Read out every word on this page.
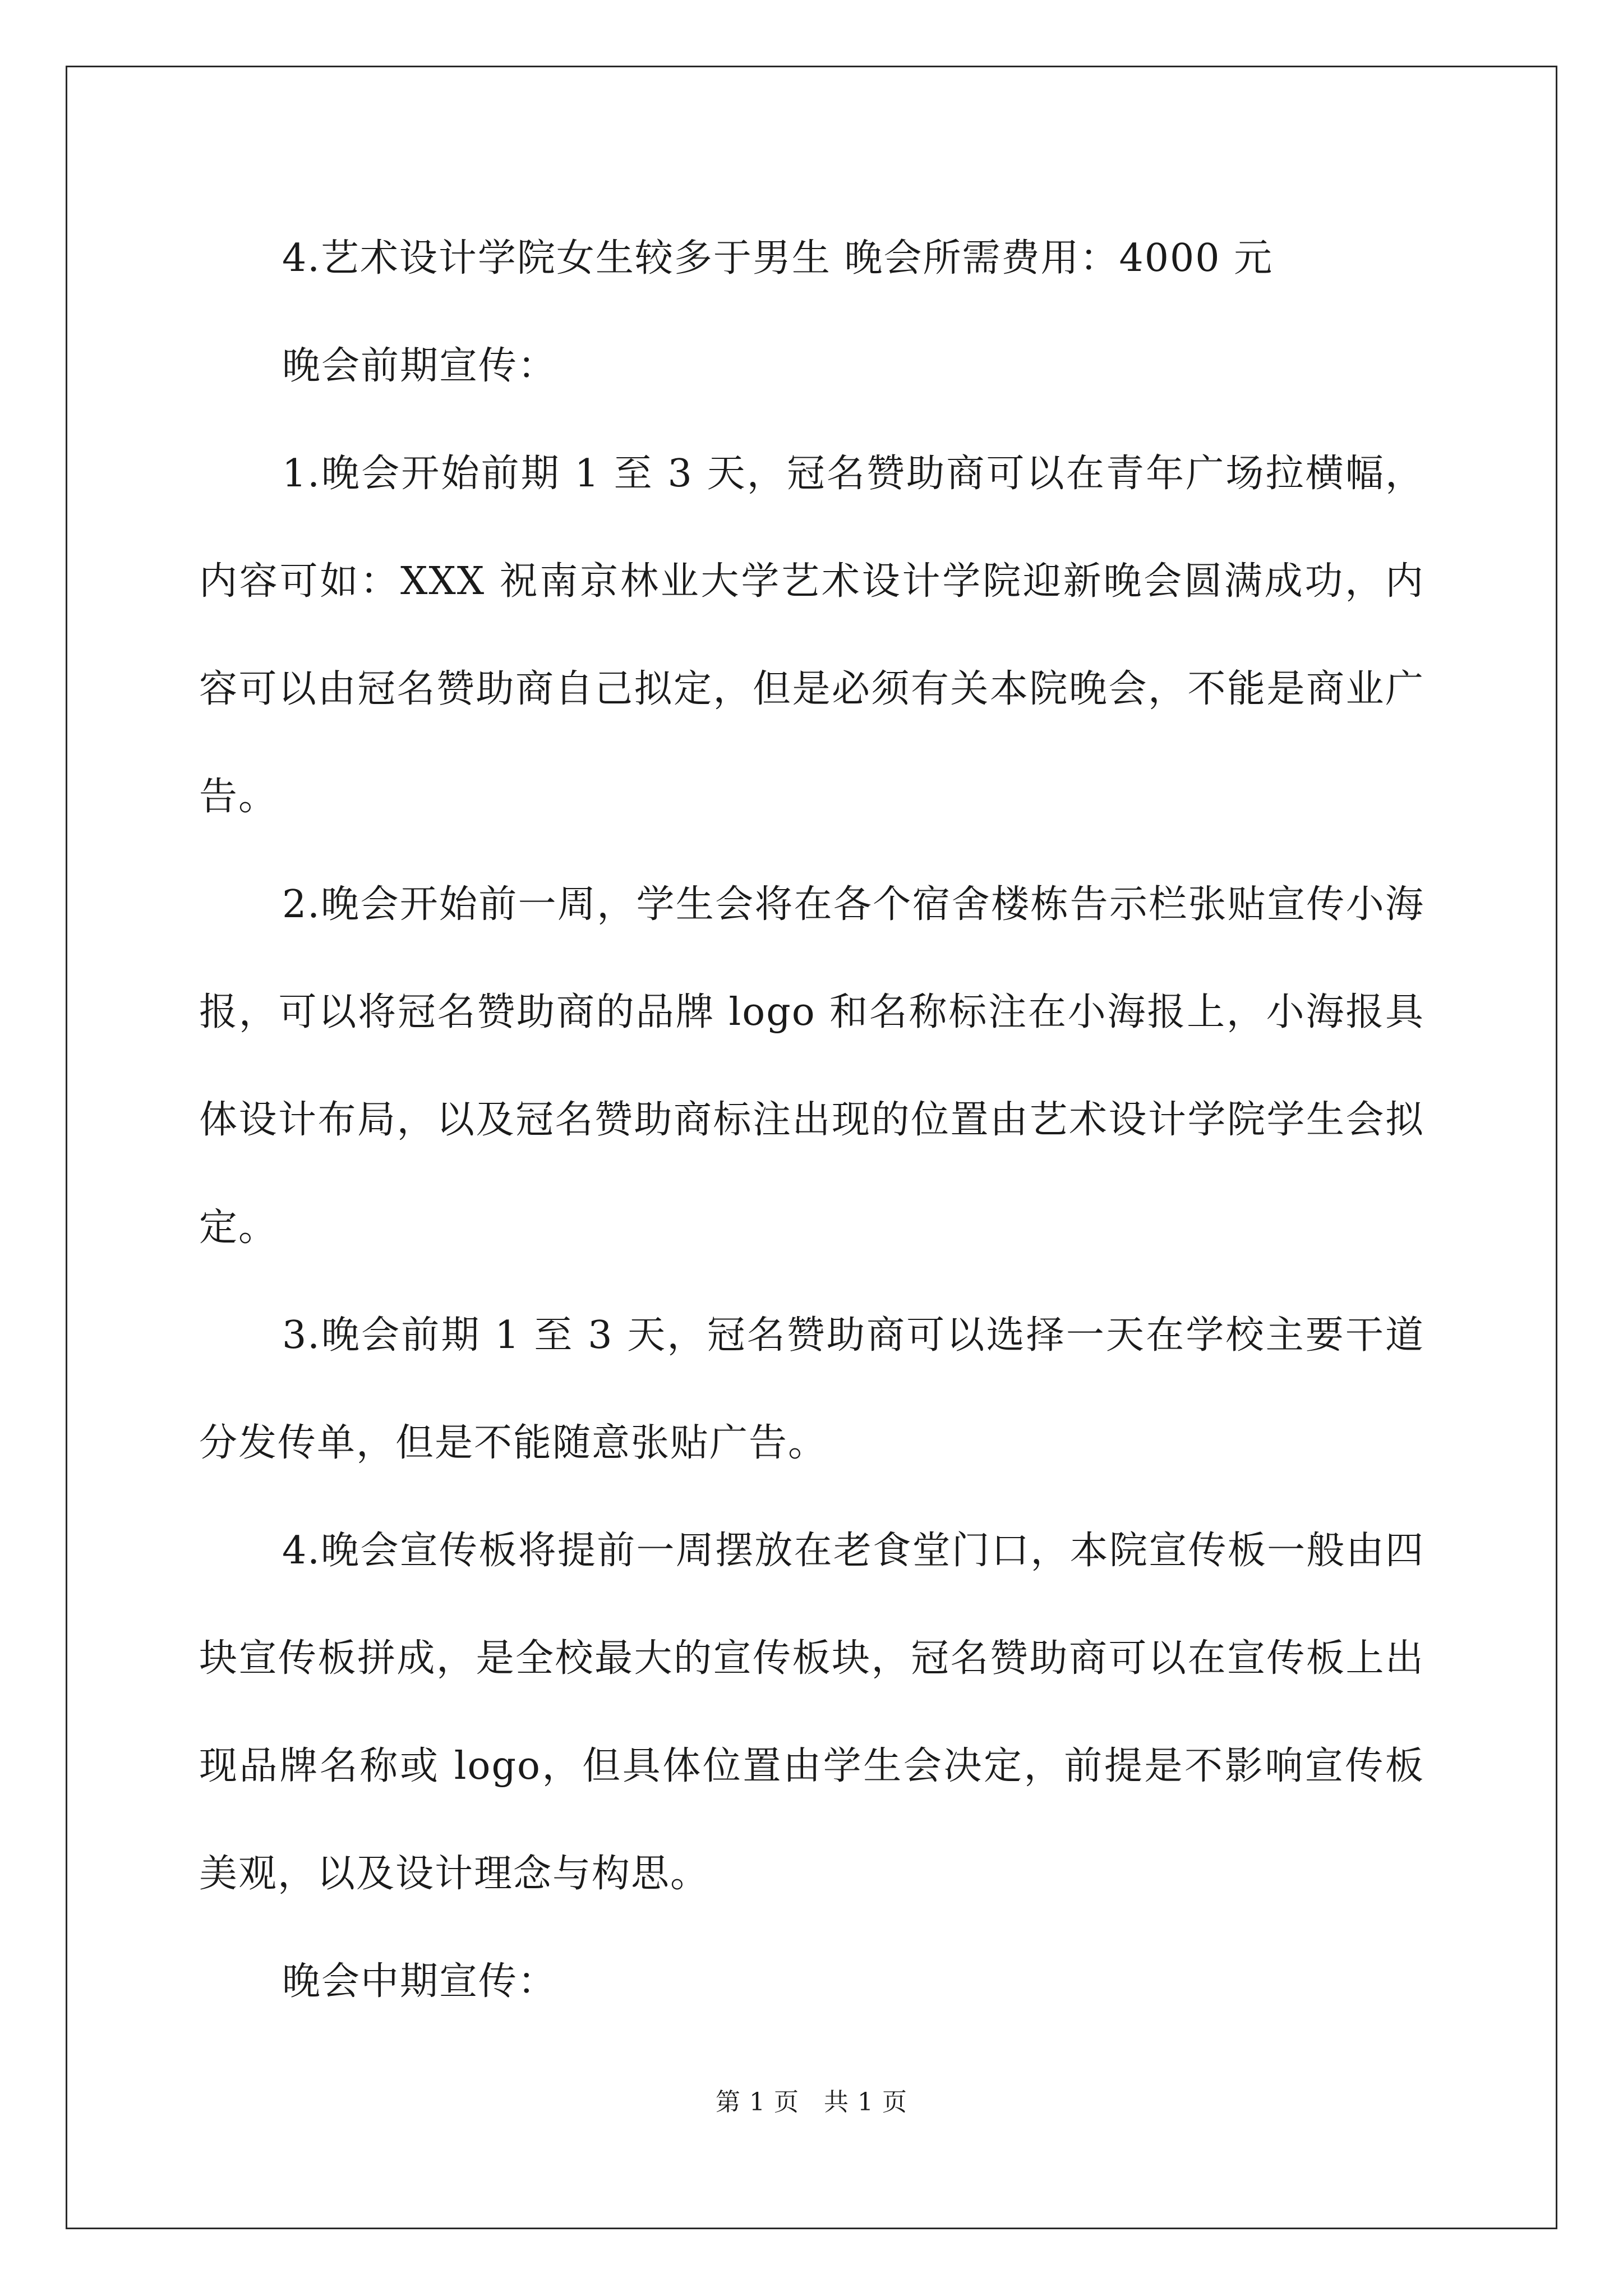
4.艺术设计学院女生较多于男生 晚会所需费用：4000 元

晚会前期宣传：

1.晚会开始前期 1 至 3 天，冠名赞助商可以在青年广场拉横幅，内容可如：XXX 祝南京林业大学艺术设计学院迎新晚会圆满成功，内容可以由冠名赞助商自己拟定，但是必须有关本院晚会，不能是商业广告。

2.晚会开始前一周，学生会将在各个宿舍楼栋告示栏张贴宣传小海报，可以将冠名赞助商的品牌 logo 和名称标注在小海报上，小海报具体设计布局，以及冠名赞助商标注出现的位置由艺术设计学院学生会拟定。

3.晚会前期 1 至 3 天，冠名赞助商可以选择一天在学校主要干道分发传单，但是不能随意张贴广告。

4.晚会宣传板将提前一周摆放在老食堂门口，本院宣传板一般由四块宣传板拼成，是全校最大的宣传板块，冠名赞助商可以在宣传板上出现品牌名称或 logo，但具体位置由学生会决定，前提是不影响宣传板美观，以及设计理念与构思。

晚会中期宣传：

第 1 页 共 1 页
